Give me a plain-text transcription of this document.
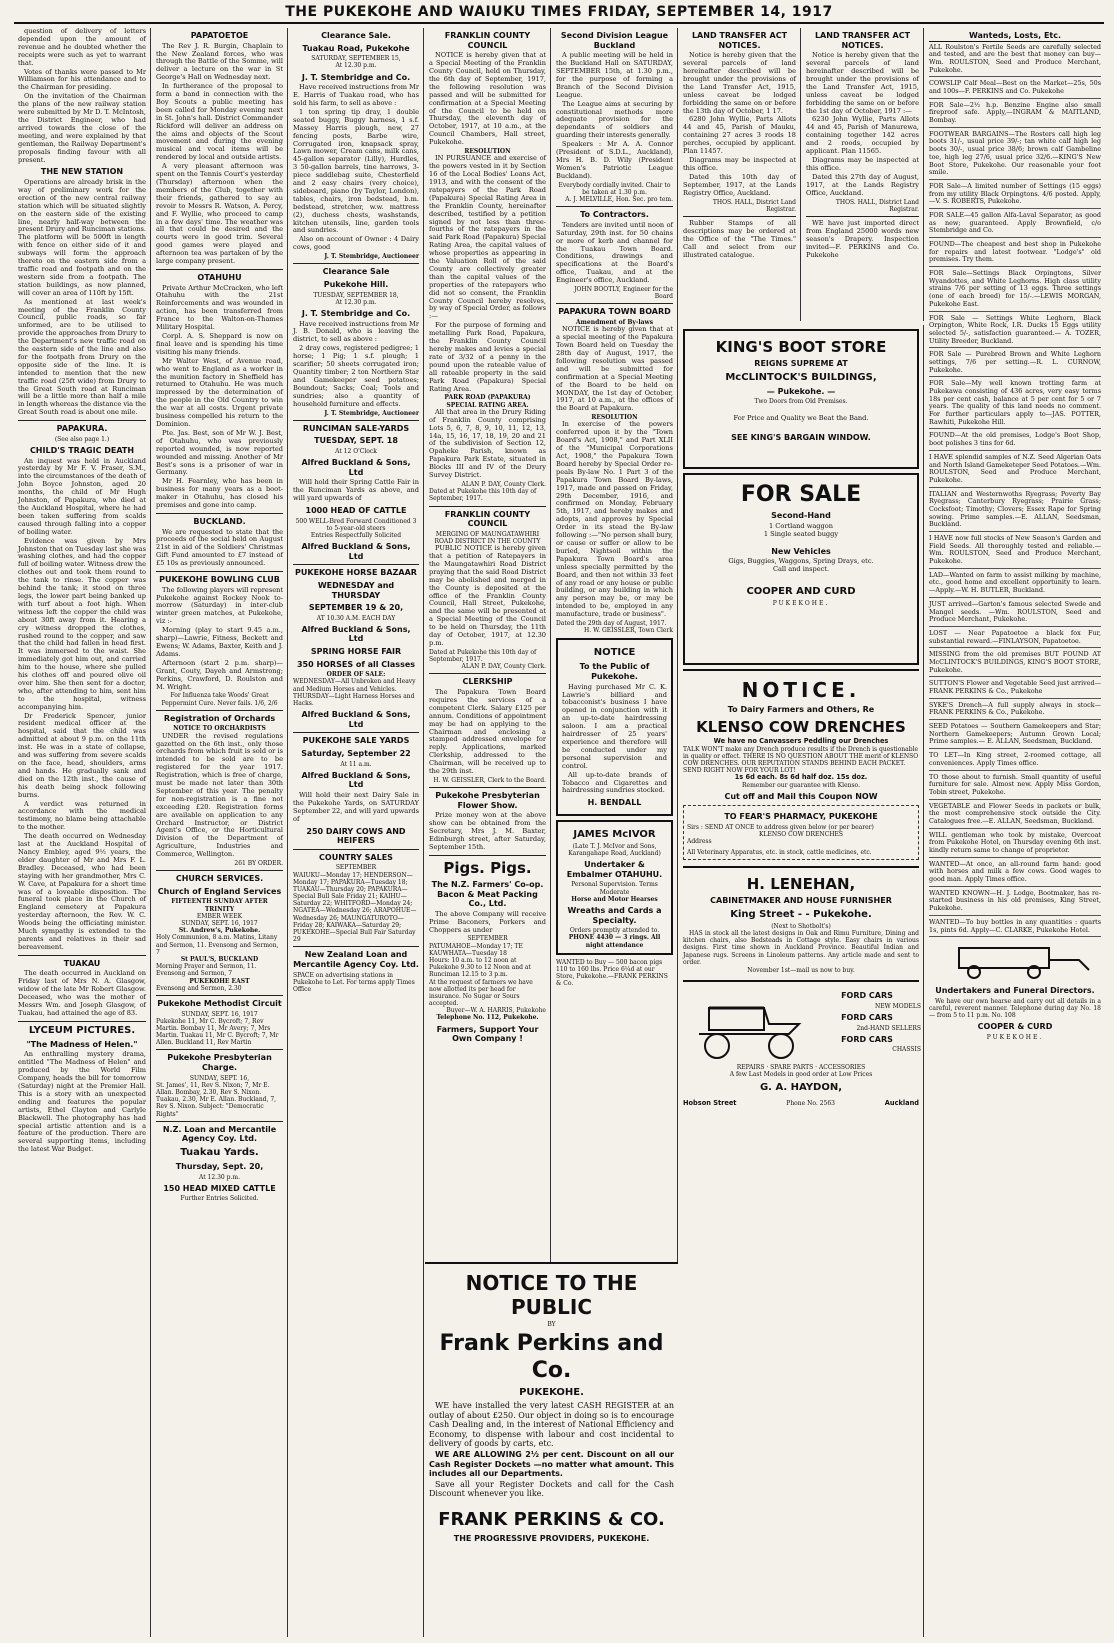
THE PUKEKOHE AND WAIUKU TIMES FRIDAY, SEPTEMBER 14, 1917

question of delivery of letters depended upon the amount of revenue and he doubted whether the receipts were such as yet to warrant that.

Votes of thanks were passed to Mr Williamson for his attendance and to the Chairman for presiding.

On the invitation of the Chairman the plans of the new railway station were submitted by Mr D. T. McIntosh, the District Engineer, who had arrived towards the close of the meeting, and were explained by that gentleman, the Railway Department's proposals finding favour with all present.

THE NEW STATION

Operations are already brisk in the way of preliminary work for the erection of the new central railway station which will be situated slightly on the eastern side of the existing line, nearly half-way between the present Drury and Runciman stations. The platform will be 500ft in length with fence on either side of it and subways will form the approach thereto on the eastern side from a traffic road and footpath and on the western side from a footpath. The station buildings, as now planned, will cover an area of 110ft by 15ft.

As mentioned at last week's meeting of the Franklin County Council, public roads, so far unformed, are to be utilised to provide the approaches from Drury to the Department's new traffic road on the eastern side of the line and also for the footpath from Drury on the opposite side of the line. It is intended to mention that the new traffic road (25ft wide) from Drury to the Great South road at Runciman will be a little more than half a mile in length whereas the distance via the Great South road is about one mile.

PAPAKURA.
(See also page 1.)
CHILD'S TRAGIC DEATH

An inquest was held in Auckland yesterday by Mr F. V. Fraser, S.M., into the circumstances of the death of John Boyce Johnston, aged 20 months, the child of Mr Hugh Johnston, of Papakura, who died at the Auckland Hospital, where he had been taken suffering from scalds caused through falling into a copper of boiling water.

Evidence was given by Mrs Johnston that on Tuesday last she was washing clothes, and had the copper full of boiling water. Witness drew the clothes out and took them round to the tank to rinse. The copper was behind the tank; it stood on three legs, the lower part being banked up with turf about a foot high. When witness left the copper the child was about 30ft away from it. Hearing a cry witness dropped the clothes, rushed round to the copper, and saw that the child had fallen in head first. It was immersed to the waist. She immediately got him out, and carried him to the house, where she pulled his clothes off and poured olive oil over him. She then sent for a doctor, who, after attending to him, sent him to the hospital, witness accompanying him.

Dr Frederick Spencer, junior resident medical officer at the hospital, said that the child was admitted at about 9 p.m. on the 11th inst. He was in a state of collapse, and was suffering from severe scalds on the face, head, shoulders, arms and hands. He gradually sank and died on the 12th inst., the cause of his death being shock following burns.

A verdict was returned in accordance with the medical testimony, no blame being attachable to the mother.

The death occurred on Wednesday last at the Auckland Hospital of Nancy Embley, aged 9½ years, the elder daughter of Mr and Mrs F. L. Bradley. Deceased, who had been staying with her grandmother, Mrs C. W. Cave, at Papakura for a short time was of a loveable disposition. The funeral took place in the Church of England cemetery at Papakura yesterday afternoon, the Rev. W. C. Woods being the officiating minister. Much sympathy is extended to the parents and relatives in their sad bereavement.

TUAKAU

The death occurred in Auckland on Friday last of Mrs N. A. Glasgow, widow of the late Mr Robert Glasgow. Deceased, who was the mother of Messrs Wm. and Joseph Glasgow, of Tuakau, had attained the age of 83.

LYCEUM PICTURES.
"The Madness of Helen."

An enthralling mystery drama, entitled "The Madness of Helen" and produced by the World Film Company, heads the bill for tomorrow (Saturday) night at the Premier Hall. This is a story with an unexpected ending and features the popular artists, Ethel Clayton and Carlyle Blackwell. The photography has had special artistic attention and is a feature of the production. There are several supporting items, including the latest War Budget.

PAPATOETOE

The Rev J. R. Burgin, Chaplain to the New Zealand forces, who was through the Battle of the Somme, will deliver a lecture on the war in St George's Hall on Wednesday next.

In furtherance of the proposal to form a band in connection with the Boy Scouts a public meeting has been called for Monday evening next in St. John's hall. District Commander Rickford will deliver an address on the aims and objects of the Scout movement and during the evening musical and vocal items will be rendered by local and outside artists.

A very pleasant afternoon was spent on the Tennis Court's yesterday (Thursday) afternoon when the members of the Club, together with their friends, gathered to say au revoir to Messrs R. Watson, A. Percy, and F. Wyllie, who proceed to camp in a few days' time. The weather was all that could be desired and the courts were in good trim. Several good games were played and afternoon tea was partaken of by the large company present.

OTAHUHU

Private Arthur McCracken, who left Otahuhu with the 21st Reinforcements and was wounded in action, has been transferred from France to the Walton-on-Thames Military Hospital.

Corpl. A. S. Sheppard is now on final leave and is spending his time visiting his many friends.

Mr Walter West, of Avenue road, who went to England as a worker in the munition factory in Sheffield has returned to Otahuhu. He was much impressed by the determination of the people in the Old Country to win the war at all costs. Urgent private business compelled his return to the Dominion.

Pte. Jas. Best, son of Mr W. J. Best, of Otahuhu, who was previously reported wounded, is now reported wounded and missing. Another of Mr Best's sons is a prisoner of war in Germany.

Mr H. Fearnley, who has been in business for many years as a boot-maker in Otahuhu, has closed his premises and gone into camp.

BUCKLAND.

We are requested to state that the proceeds of the social held on August 21st in aid of the Soldiers' Christmas Gift Fund amounted to £7 instead of £5 10s as previously announced.

PUKEKOHE BOWLING CLUB

The following players will represent Pukekohe against Rockey Nook to-morrow (Saturday) in inter-club winter green matches, at Pukekohe, viz :-

Morning (play to start 9.45 a.m., sharp)—Lawrie, Fitness, Beckett and Ewens; W. Adams, Baxter, Keith and J. Adams.

Afternoon (start 2 p.m. sharp)—Grant, Couty, Dayeh and Armstrong; Perkins, Crawford, D. Roulston and M. Wright.

For Influenza take Woods' Great Peppermint Cure. Never fails. 1/6, 2/6
Registration of Orchards
NOTICE TO ORCHARDISTS

UNDER the revised regulations gazetted on the 6th inst., only those orchards from which fruit is sold or is intended to be sold are to be registered for the year 1917. Registration, which is free of charge, must be made not later than 30th September of this year. The penalty for non-registration is a fine not exceeding £20. Registration forms are available on application to any Orchard Instructor, or District Agent's Office, or the Horticultural Division of the Department of Agriculture, Industries and Commerce, Wellington.

261 BY ORDER.
CHURCH SERVICES.
Church of England Services
FIFTEENTH SUNDAY AFTER TRINITY
EMBER WEEK
SUNDAY, SEPT. 16, 1917
St. Andrew's, Pukekohe.
Holy Communion, 8 a.m. Matins, Litany and Sermon, 11. Evensong and Sermon, 7
St PAUL'S, BUCKLAND
Morning Prayer and Sermon, 11. Evensong and Sermon, 7
PUKEKOHE EAST
Evensong and Sermon, 2.30
Pukekohe Methodist Circuit
SUNDAY, SEPT. 16, 1917
Pukekohe 11, Mr C. Bycroft; 7, Rev Martin. Bombay 11, Mr Avery; 7, Mrs Martin. Tuakau 11, Mr C. Bycroft; 7, Mr Allen. Buckland 11, Rev Martin
Pukekohe Presbyterian Charge.
SUNDAY, SEPT. 16,
St. James', 11, Rev S. Nixon; 7, Mr E. Allan. Bombay, 2.30, Rev S. Nixon. Tuakau, 2.30, Mr E. Allan. Buckland, 7, Rev S. Nixon. Subject: "Democratic Rights"
N.Z. Loan and Mercantile Agency Coy. Ltd.
Tuakau Yards.
Thursday, Sept. 20,
At 12.30 p.m.
150 HEAD MIXED CATTLE
Further Entries Solicited.
Clearance Sale.
Tuakau Road, Pukekohe
SATURDAY, SEPTEMBER 15,
At 12.30 p.m.
J. T. Stembridge and Co.

Have received instructions from Mr E. Harris of Tuakau road, who has sold his farm, to sell as above :

1 ton spring tip dray, 1 double seated buggy, Buggy harness, 1 s.f. Massey Harris plough, new, 27 fencing posts, Barbe wire, Corrugated iron, knapsack spray, Lawn mower, Cream cans, milk cans, 45-gallon separator (Lilly), Hurdles, 3 50-gallon barrels, tine harrows, 3-piece saddlebag suite, Chesterfield and 2 easy chairs (very choice), sideboard, piano (by Taylor, London), tables, chairs, iron bedstead, b.m. bedstead, stretcher, w.w. mattress (2), duchess chests, washstands, kitchen utensils, line, garden tools and sundries.

Also on account of Owner : 4 Dairy cows, good

J. T. Stembridge, Auctioneer
Clearance Sale
Pukekohe Hill.
TUESDAY, SEPTEMBER 18,
At 12.30 p.m.
J. T. Stembridge and Co.

Have received instructions from Mr J. B. Donald, who is leaving the district, to sell as above :

2 dray cows, registered pedigree; 1 horse; 1 Pig; 1 s.f. plough; 1 scarifier; 50 sheets corrugated iron; Quantity timber; 2 ton Northern Star and Gamekeeper seed potatoes; Boundout; Sacks; Coal; Tools and sundries; also a quantity of household furniture and effects.

J. T. Stembridge, Auctioneer
RUNCIMAN SALE-YARDS
TUESDAY, SEPT. 18
At 12 O'Clock
Alfred Buckland & Sons, Ltd

Will hold their Spring Cattle Fair in the Runciman Yards as above, and will yard upwards of

1000 HEAD OF CATTLE
500 WELL-Bred Forward Conditioned 3 to 5-year-old steers
Entries Respectfully Solicited
Alfred Buckland & Sons, Ltd
PUKEKOHE HORSE BAZAAR
WEDNESDAY and THURSDAY
SEPTEMBER 19 & 20,
AT 10.30 A.M. EACH DAY
Alfred Buckland & Sons, Ltd
SPRING HORSE FAIR
350 HORSES of all Classes
ORDER OF SALE:
WEDNESDAY—All Unbroken and Heavy and Medium Horses and Vehicles. THURSDAY—Light Harness Horses and Hacks.
Alfred Buckland & Sons, Ltd
PUKEKOHE SALE YARDS
Saturday, September 22
At 11 a.m.
Alfred Buckland & Sons, Ltd

Will hold their next Dairy Sale in the Pukekohe Yards, on SATURDAY September 22, and will yard upwards of

250 DAIRY COWS AND HEIFERS
COUNTRY SALES
SEPTEMBER
WAIUKU—Monday 17; HENDERSON—Monday 17; PAPAKURA—Tuesday 18; TUAKAU—Thursday 20; PAPAKURA—Special Bull Sale Friday 21; KAIHU—Saturday 22; WHITFORD—Monday 24; NGATEA—Wednesday 26; ARAPOHUE—Wednesday 26; MAUNGATUROTO—Friday 28; KAIWAKA—Saturday 29; PUKEKOHE—Special Bull Fair Saturday 29
New Zealand Loan and Mercantile Agency Coy. Ltd.
SPACE on advertising stations in Pukekohe to Let. For terms apply Times Office
FRANKLIN COUNTY COUNCIL

NOTICE is hereby given that at a Special Meeting of the Franklin County Council, held on Thursday, the 6th day of September, 1917, the following resolution was passed and will be submitted for confirmation at a Special Meeting of the Council to be held on Thursday, the eleventh day of October, 1917, at 10 a.m., at the Council Chambers, Hall street, Pukekohe.

RESOLUTION

IN PURSUANCE and exercise of the powers vested in it by Section 16 of the Local Bodies' Loans Act, 1913, and with the consent of the ratepayers of the Park Road (Papakura) Special Rating Area in the Franklin County, hereinafter described, testified by a petition signed by not less than three-fourths of the ratepayers in the said Park Road (Papakura) Special Rating Area, the capital values of whose properties as appearing in the Valuation Roll of the said County are collectively greater than the capital values of the properties of the ratepayers who did not so consent, the Franklin County Council hereby resolves, by way of Special Order, as follows :—

For the purpose of forming and metalling Park Road, Papakura, the Franklin County Council hereby makes and levies a special rate of 3/32 of a penny in the pound upon the rateable value of all rateable property in the said Park Road (Papakura) Special Rating Area.

PARK ROAD (PAPAKURA) SPECIAL RATING AREA.

All that area in the Drury Riding of Franklin County comprising Lots 5, 6, 7, 8, 9, 10, 11, 12, 13, 14a, 15, 16, 17, 18, 19, 20 and 21 of the subdivision of Section 12, Opaheke Parish, known as Papakura Park Estate, situated in Blocks III and IV of the Drury Survey District.

ALAN P. DAY, County Clerk.
Dated at Pukekohe this 10th day of September, 1917.
FRANKLIN COUNTY COUNCIL
MERGING OF MAUNGATAWHIRI ROAD DISTRICT IN THE COUNTY

PUBLIC NOTICE is hereby given that a petition of Ratepayers in the Maungatawhiri Road District praying that the said Road District may be abolished and merged in the County is deposited at the office of the Franklin County Council, Hall Street, Pukekohe, and the same will be presented at a Special Meeting of the Council to be held on Thursday, the 11th day of October, 1917, at 12.30 p.m.

Dated at Pukekohe this 10th day of September, 1917.
ALAN P. DAY, County Clerk.
CLERKSHIP

The Papakura Town Board requires the services of a competent Clerk. Salary £125 per annum. Conditions of appointment may be had on applying to the Chairman and enclosing a stamped addressed envelope for reply. Applications, marked Clerkship, addressed to the Chairman, will be received up to the 29th inst.

H. W. GEISSLER, Clerk to the Board.
Pukekohe Presbyterian Flower Show.

Prize money won at the above show can be obtained from the Secretary, Mrs J. M. Baxter, Edinburgh street, after Saturday, September 15th.

Pigs. Pigs.
The N.Z. Farmers' Co-op. Bacon & Meat Packing Co., Ltd.

The above Company will receive Prime Baconers, Porkers and Choppers as under

SEPTEMBER
PATUMAHOE—Monday 17; TE KAUWHATA—Tuesday 18
Hours: 10 a.m. to 12 noon at Pukekohe 9.30 to 12 Noon and at Runciman 12.15 to 3 p.m.
At the request of farmers we have now allotted its per head for insurance. No Sugar or Sours accepted.
Buyer—W. A. HARRIS, Pukekohe
Telephone No. 112, Pukekohe.
Farmers, Support Your Own Company !
Second Division League Buckland

A public meeting will be held in the Buckland Hall on SATURDAY, SEPTEMBER 15th, at 1.30 p.m., for the purpose of forming a Branch of the Second Division League.

The League aims at securing by constitutional methods more adequate provision for the dependants of soldiers and guarding their interests generally.

Speakers : Mr A. A. Connor (President of S.D.L., Auckland), Mrs H. B. D. Wily (President Women's Patriotic League Buckland).

Everybody cordially invited. Chair to be taken at 1.30 p.m.
A. J. MELVILLE, Hon. Sec. pro tem.
To Contractors.

Tenders are invited until noon of Saturday, 29th inst. for 50 chains or more of kerb and channel for the Tuakau Town Board. Conditions, drawings and specifications at the Board's office, Tuakau, and at the Engineer's office, Auckland.

JOHN BOOTLY, Engineer for the Board
PAPAKURA TOWN BOARD
Amendment of By-laws

NOTICE is hereby given that at a special meeting of the Papakura Town Board held on Tuesday the 28th day of August, 1917, the following resolution was passed and will be submitted for confirmation at a Special Meeting of the Board to be held on MONDAY, the 1st day of October, 1917, at 10 a.m., at the offices of the Board at Papakura.

RESOLUTION

In exercise of the powers conferred upon it by the "Town Board's Act, 1908," and Part XLII of the "Municipal Corporations Act, 1908," the Papakura Town Board hereby by Special Order re-peals By-law No. 1 Part 3 of the Papakura Town Board By-laws, 1917, made and passed on Friday, 29th December, 1916, and confirmed on Monday, February 5th, 1917, and hereby makes and adopts, and approves by Special Order in its stead the By-law following :—"No person shall bury, or cause or suffer or allow to be buried, Nightsoil within the Papakura Town Board's area unless specially permitted by the Board, and then not within 33 feet of any road or any house or public building, or any building in which any person may be, or may be intended to be, employed in any manufacture, trade or business".

Dated the 29th day of August, 1917.
H. W. GEISSLER, Town Clerk
NOTICE
To the Public of Pukekohe.

Having purchased Mr C. K. Lawrie's billiard and tobacconist's business I have opened in conjunction with it an up-to-date hairdressing saloon. I am a practical hairdresser of 25 years' experience and therefore will be conducted under my personal supervision and control.

All up-to-date brands of Tobacco and Cigarettes and hairdressing sundries stocked.

H. BENDALL
JAMES McIVOR
(Late T. J. McIvor and Sons, Karangahape Road, Auckland)
Undertaker & Embalmer OTAHUHU.
Personal Supervision. Terms Moderate
Horse and Motor Hearses
Wreaths and Cards a Specialty.
Orders promptly attended to.
PHONE 4430 — 3 rings. All night attendance
WANTED to Buy — 500 bacon pigs 110 to 160 lbs. Price 6¼d at our Store, Pukekohe.—FRANK PERKINS & Co.
LAND TRANSFER ACT NOTICES.

Notice is hereby given that the several parcels of land hereinafter described will be brought under the provisions of the Land Transfer Act, 1915, unless caveat be lodged forbidding the same on or before the 13th day of October, 1 17.

6280 John Wyllie, Parts Allots 44 and 45, Parish of Mauku, containing 27 acres 3 roods 18 perches, occupied by applicant. Plan 11457.

Diagrams may be inspected at this office.

Dated this 10th day of September, 1917, at the Lands Registry Office, Auckland.

THOS. HALL, District Land Registrar.

Rubber Stamps of all descriptions may be ordered at the Office of the "The Times." Call and select from our illustrated catalogue.

LAND TRANSFER ACT NOTICES.

Notice is hereby given that the several parcels of land hereinafter described will be brought under the provisions of the Land Transfer Act, 1915, unless caveat be lodged forbidding the same on or before the 1st day of October, 1917 :—

6230 John Wyllie, Parts Allots 44 and 45, Parish of Manurewa, containing together 142 acres and 2 roods, occupied by applicant. Plan 11565.

Diagrams may be inspected at this office.

Dated this 27th day of August, 1917, at the Lands Registry Office, Auckland.

THOS. HALL, District Land Registrar.

WE have just imported direct from England 25000 words new season's Drapery. Inspection invited—F. PERKINS and Co. Pukekohe

KING'S BOOT STORE
REIGNS SUPREME AT
McCLINTOCK'S BUILDINGS,
— Pukekohe. —
Two Doors from Old Premises.
For Price and Quality we Beat the Band.
SEE KING'S BARGAIN WINDOW.
FOR SALE
Second-Hand
1 Cortland waggon
1 Single seated buggy
New Vehicles
Gigs, Buggies, Waggons, Spring Drays, etc.
Call and inspect.
COOPER AND CURD
PUKEKOHE.
NOTICE.
To Dairy Farmers and Others, Re
KLENSO COW DRENCHES
We have no Canvassers Peddling our Drenches
TALK WON'T make any Drench produce results if the Drench is questionable in quality or effect. THERE IS NO QUESTION ABOUT THE merit of KLENSO COW DRENCHES. OUR REPUTATION STANDS BEHIND EACH PACKET. SEND RIGHT NOW FOR YOUR LOT!
1s 6d each. 8s 6d half doz. 15s doz.
Remember our guarantee with Klenso.
Cut off and Mail this Coupon NOW
TO FEAR'S PHARMACY, PUKEKOHE
Sirs : SEND AT ONCE to address given below (or per bearer)
KLENSO COW DRENCHES
Address
All Veterinary Apparatus, etc. in stock, cattle medicines, etc.
H. LENEHAN,
CABINETMAKER AND HOUSE FURNISHER
King Street - - Pukekohe.
(Next to Shotbolt's)

HAS in stock all the latest designs in Oak and Rimu Furniture, Dining and kitchen chairs, also Bedsteads in Cottage style. Easy chairs in various designs. First time shown in Auckland Province. Beautiful Indian and Japanese rugs. Screens in Linoleum patterns. Any article made and sent to order.

November 1st—mail us now to buy.
FORD CARS
NEW MODELS
FORD CARS
2nd-HAND SELLERS
FORD CARS
CHASSIS
REPAIRS · SPARE PARTS · ACCESSORIES
A few Last Models in good order at Low Prices
G. A. HAYDON,
Hobson Street	Phone No. 2563	Auckland
NOTICE TO THE PUBLIC
BY
Frank Perkins and Co.
PUKEKOHE.

WE have installed the very latest CASH REGISTER at an outlay of about £250. Our object in doing so is to encourage Cash Dealing and, in the interest of National Efficiency and Economy, to dispense with labour and cost incidental to delivery of goods by carts, etc.

WE ARE ALLOWING 2½ per cent. Discount on all our Cash Register Dockets —no matter what amount. This includes all our Departments.

Save all your Register Dockets and call for the Cash Discount whenever you like.

FRANK PERKINS & CO.
THE PROGRESSIVE PROVIDERS, PUKEKOHE.
Wanteds, Losts, Etc.
ALL Roulston's Fertile Seeds are carefully selected and tested, and are the best that money can buy—Wm. ROULSTON, Seed and Produce Merchant, Pukekohe.
COWSLIP Calf Meal—Best on the Market—25s, 50s and 100s—F. PERKINS and Co. Pukekohe
FOR Sale—2½ h.p. Benzine Engine also small fireproof safe. Apply,—INGRAM & MAITLAND, Bombay.
FOOTWEAR BARGAINS—The Rosters call high leg boots 31/-, usual price 39/-; tan white calf high leg boots 30/-, usual price 38/6; brown calf Gambeline toe, high leg 27/6, usual price 32/6.—KING'S New Boot Store, Pukekohe. Our reasonable your foot smile.
FOR Sale—A limited number of Settings (15 eggs) from my utility Black Orpingtons. 4/6 posted. Apply,—V. S. ROBERTS, Pukekohe.
FOR SALE—45 gallon Alfa-Laval Separator, as good as new; guaranteed. Apply Brownfield, c/o Stembridge and Co.
FOUND—The cheapest and best shop in Pukekohe for repairs and latest footwear. "Lodge's" old premises. Try them.
FOR Sale—Settings Black Orpingtons, Silver Wyandottes, and White Leghorns. High class utility strains 7/6 per setting of 13 eggs. Three settings (one of each breed) for 15/-.—LEWIS MORGAN, Pukekohe East.
FOR Sale — Settings White Leghorn, Black Orpington, White Rock, I.R. Ducks 15 Eggs utility selected 5/-, satisfaction guaranteed.— A. TOZER, Utility Breeder, Buckland.
FOR Sale — Purebred Brown and White Leghorn settings, 7/6 per setting.—R. L. CURNOW, Pukekohe.
FOR Sale—My well known trotting farm at Pukekawa consisting of 436 acres, very easy terms 18s per cent cash, balance at 5 per cent for 5 or 7 years. The quality of this land needs no comment. For further particulars apply to—JAS. POTTER, Rawhiti, Pukekohe Hill.
FOUND—At the old premises, Lodge's Boot Shop, boot polishes 3 tins for 6d.
I HAVE splendid samples of N.Z. Seed Algerian Oats and North Island Gameketeper Seed Potatoes.—Wm. ROULSTON, Seed and Produce Merchant, Pukekohe.
ITALIAN and Westernwoths Ryegrass; Poverty Bay Ryegrass; Canterbury Ryegrass; Prairie Grass; Cocksfoot; Timothy; Clovers; Essex Rape for Spring sowing. Prime samples.—E. ALLAN, Seedsman, Buckland.
I HAVE now full stocks of New Season's Garden and Field Seeds. All thoroughly tested and reliable.—Wm. ROULSTON, Seed and Produce Merchant, Pukekohe.
LAD—Wanted on farm to assist milking by machine, etc., good home and excellent opportunity to learn.—Apply.—W. H. BUTLER, Buckland.
JUST arrived—Garton's famous selected Swede and Mangel seeds. —Wm. ROULSTON, Seed and Produce Merchant, Pukekohe.
LOST — Near Papatoetoe a black fox Fur, substantial reward.—FINLAYSON, Papatoetoe.
MISSING from the old premises BUT FOUND AT McCLINTOCK'S BUILDINGS, KING'S BOOT STORE, Pukekohe.
SUTTON'S Flower and Vegetable Seed just arrived—FRANK PERKINS & Co., Pukekohe
SYKE'S Drench—A full supply always in stock—FRANK PERKINS & Co., Pukekohe.
SEED Potatoes — Southern Gamekeepers and Star; Northern Gamekeepers; Autumn Grown Local; Prime samples.— E. ALLAN, Seedsman, Buckland.
TO LET—In King street, 2-roomed cottage, all conveniences. Apply Times office.
TO those about to furnish. Small quantity of useful furniture for sale. Almost new. Apply Miss Gordon, Tobin street, Pukekohe.
VEGETABLE and Flower Seeds in packets or bulk, the most comprehensive stock outside the City. Catalogues free.—E. ALLAN, Seedsman, Buckland.
WILL gentleman who took by mistake, Overcoat from Pukekohe Hotel, on Thursday evening 6th inst. kindly return same to change of proprietor.
WANTED—At once, an all-round farm hand: good with horses and milk a few cows. Good wages to good man. Apply Times office.
WANTED KNOWN—H. J. Lodge, Bootmaker, has re-started business in his old premises, King Street, Pukekohe.
WANTED—To buy bottles in any quantities : quarts 1s, pints 6d. Apply—C. CLARKE, Pukekohe Hotel.
Undertakers and Funeral Directors.

We have our own hearse and carry out all details in a careful, reverent manner. Telephone during day No. 18 — from 5 to 11 p.m. No. 108

COOPER & CURD
PUKEKOHE.
